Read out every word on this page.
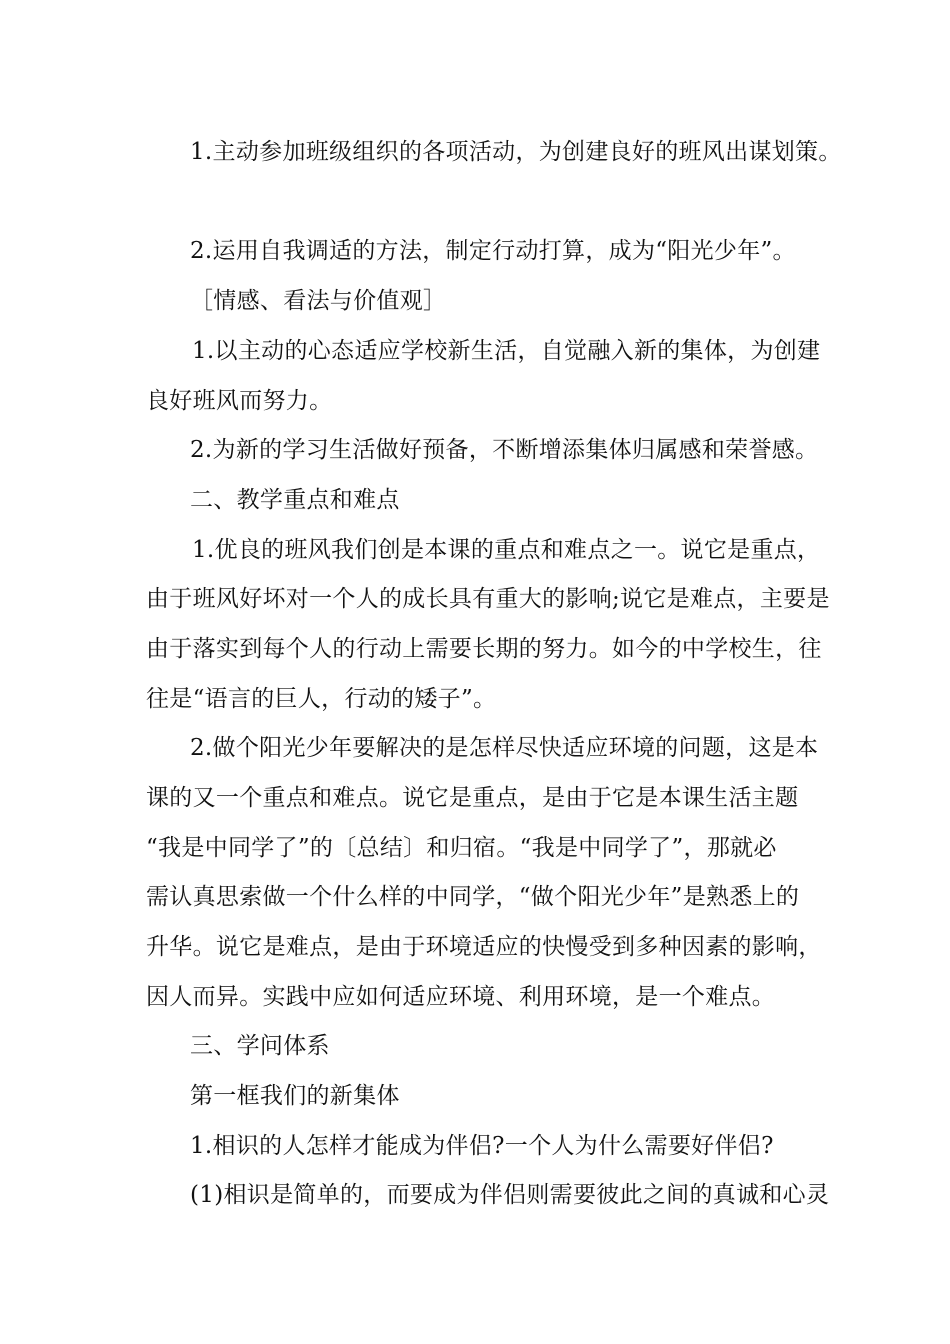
1.主动参加班级组织的各项活动，为创建良好的班风出谋划策。
2.运用自我调适的方法，制定行动打算，成为“阳光少年”。
［情感、看法与价值观］
1.以主动的心态适应学校新生活，自觉融入新的集体，为创建
良好班风而努力。
2.为新的学习生活做好预备，不断增添集体归属感和荣誉感。
二、教学重点和难点
1.优良的班风我们创是本课的重点和难点之一。说它是重点，
由于班风好坏对一个人的成长具有重大的影响;说它是难点，主要是
由于落实到每个人的行动上需要长期的努力。如今的中学校生，往
往是“语言的巨人，行动的矮子”。
2.做个阳光少年要解决的是怎样尽快适应环境的问题，这是本
课的又一个重点和难点。说它是重点，是由于它是本课生活主题
“我是中同学了”的〔总结〕和归宿。“我是中同学了”，那就必
需认真思索做一个什么样的中同学，“做个阳光少年”是熟悉上的
升华。说它是难点，是由于环境适应的快慢受到多种因素的影响，
因人而异。实践中应如何适应环境、利用环境，是一个难点。
三、学问体系
第一框我们的新集体
1.相识的人怎样才能成为伴侣?一个人为什么需要好伴侣?
(1)相识是简单的，而要成为伴侣则需要彼此之间的真诚和心灵
